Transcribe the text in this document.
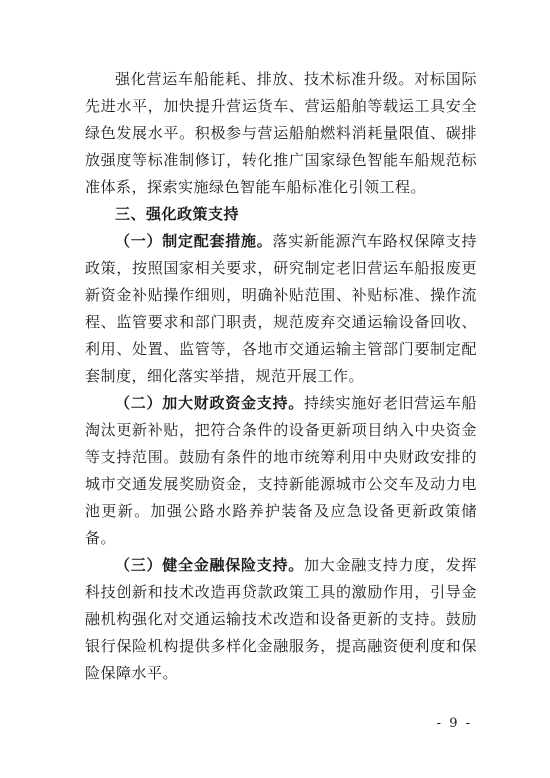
强化营运车船能耗、排放、技术标准升级。对标国际先进水平，加快提升营运货车、营运船舶等载运工具安全绿色发展水平。积极参与营运船舶燃料消耗量限值、碳排放强度等标准制修订，转化推广国家绿色智能车船规范标准体系，探索实施绿色智能车船标准化引领工程。

三、强化政策支持

（一）制定配套措施。落实新能源汽车路权保障支持政策，按照国家相关要求，研究制定老旧营运车船报废更新资金补贴操作细则，明确补贴范围、补贴标准、操作流程、监管要求和部门职责，规范废弃交通运输设备回收、利用、处置、监管等，各地市交通运输主管部门要制定配套制度，细化落实举措，规范开展工作。

（二）加大财政资金支持。持续实施好老旧营运车船淘汰更新补贴，把符合条件的设备更新项目纳入中央资金等支持范围。鼓励有条件的地市统筹利用中央财政安排的城市交通发展奖励资金，支持新能源城市公交车及动力电池更新。加强公路水路养护装备及应急设备更新政策储备。

（三）健全金融保险支持。加大金融支持力度，发挥科技创新和技术改造再贷款政策工具的激励作用，引导金融机构强化对交通运输技术改造和设备更新的支持。鼓励银行保险机构提供多样化金融服务，提高融资便利度和保险保障水平。

- 9 -
